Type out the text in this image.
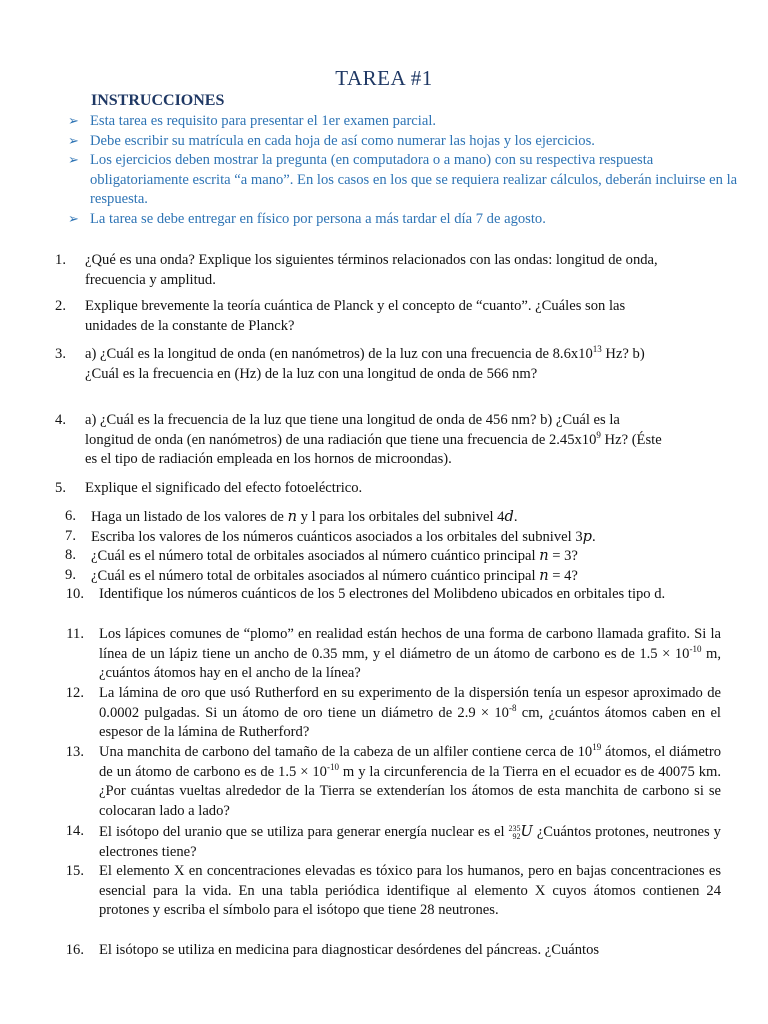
TAREA #1
INSTRUCCIONES
➢ Esta tarea es requisito para presentar el 1er examen parcial.
➢ Debe escribir su matrícula en cada hoja de así como numerar las hojas y los ejercicios.
➢ Los ejercicios deben mostrar la pregunta (en computadora o a mano) con su respectiva respuesta obligatoriamente escrita “a mano”. En los casos en los que se requiera realizar cálculos, deberán incluirse en la respuesta.
➢ La tarea se debe entregar en físico por persona a más tardar el día 7 de agosto.
1. ¿Qué es una onda? Explique los siguientes términos relacionados con las ondas: longitud de onda, frecuencia y amplitud.
2. Explique brevemente la teoría cuántica de Planck y el concepto de “cuanto”. ¿Cuáles son las unidades de la constante de Planck?
3. a) ¿Cuál es la longitud de onda (en nanómetros) de la luz con una frecuencia de $8.6x10^{13}$ Hz? b) ¿Cuál es la frecuencia en (Hz) de la luz con una longitud de onda de 566 nm?
4. a) ¿Cuál es la frecuencia de la luz que tiene una longitud de onda de 456 nm? b) ¿Cuál es la longitud de onda (en nanómetros) de una radiación que tiene una frecuencia de $2.45x10^9$ Hz? (Éste es el tipo de radiación empleada en los hornos de microondas).
5. Explique el significado del efecto fotoeléctrico.
6. Haga un listado de los valores de n y l para los orbitales del subnivel 4d.
7. Escriba los valores de los números cuánticos asociados a los orbitales del subnivel 3p.
8. ¿Cuál es el número total de orbitales asociados al número cuántico principal n = 3?
9. ¿Cuál es el número total de orbitales asociados al número cuántico principal n = 4?
10. Identifique los números cuánticos de los 5 electrones del Molibdeno ubicados en orbitales tipo d.
11. Los lápices comunes de “plomo” en realidad están hechos de una forma de carbono llamada grafito. Si la línea de un lápiz tiene un ancho de 0.35 mm, y el diámetro de un átomo de carbono es de $1.5 \times 10^{-10}$ m, ¿cuántos átomos hay en el ancho de la línea?
12. La lámina de oro que usó Rutherford en su experimento de la dispersión tenía un espesor aproximado de 0.0002 pulgadas. Si un átomo de oro tiene un diámetro de $2.9 \times 10^{-8}$ cm, ¿cuántos átomos caben en el espesor de la lámina de Rutherford?
13. Una manchita de carbono del tamaño de la cabeza de un alfiler contiene cerca de $10^{19}$ átomos, el diámetro de un átomo de carbono es de $1.5 \times 10^{-10}$ m y la circunferencia de la Tierra en el ecuador es de 40075 km. ¿Por cuántas vueltas alrededor de la Tierra se extenderían los átomos de esta manchita de carbono si se colocaran lado a lado?
14. El isótopo del uranio que se utiliza para generar energía nuclear es el 235
92U ¿Cuántos protones, neutrones y electrones tiene?
15. El elemento X en concentraciones elevadas es tóxico para los humanos, pero en bajas concentraciones es esencial para la vida. En una tabla periódica identifique al elemento X cuyos átomos contienen 24 protones y escriba el símbolo para el isótopo que tiene 28 neutrones.
16. El isótopo se utiliza en medicina para diagnosticar desórdenes del páncreas. ¿Cuántos
